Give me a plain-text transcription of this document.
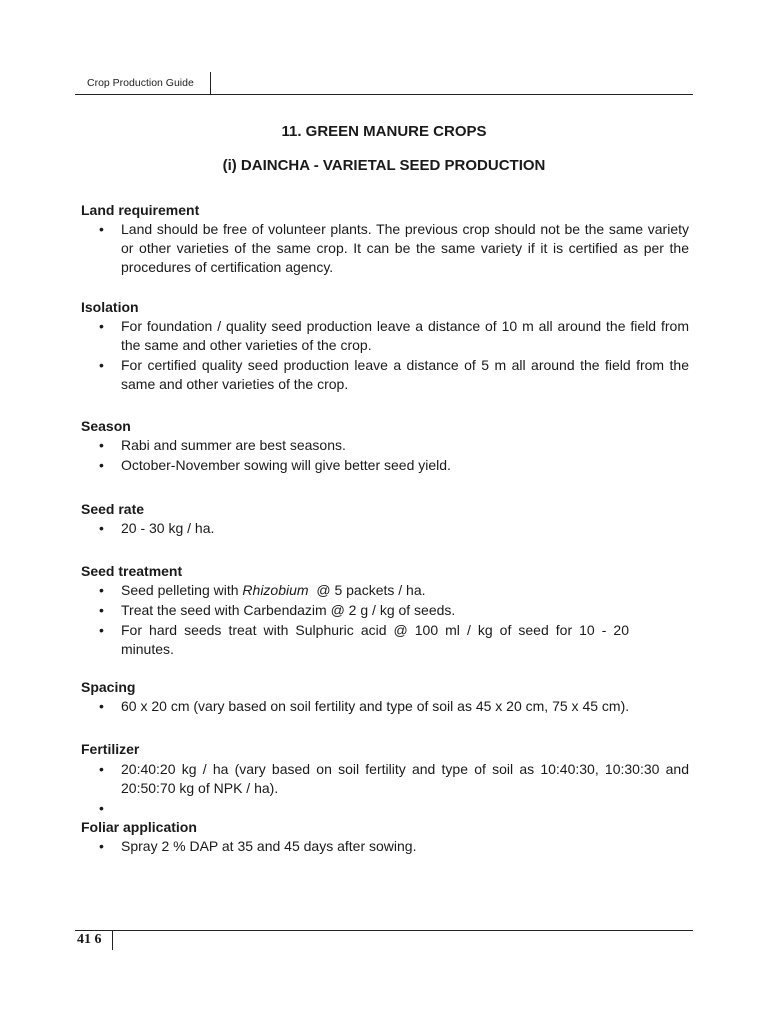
Crop Production Guide
11. GREEN MANURE CROPS
(i) DAINCHA - VARIETAL SEED PRODUCTION

Land requirement

• Land should be free of volunteer plants. The previous crop should not be the same variety or other varieties of the same crop. It can be the same variety if it is certified as per the procedures of certification agency.

Isolation

• For foundation / quality seed production leave a distance of 10 m all around the field from the same and other varieties of the crop.
• For certified quality seed production leave a distance of 5 m all around the field from the same and other varieties of the crop.

Season

• Rabi and summer are best seasons.
• October-November sowing will give better seed yield.

Seed rate

• 20 - 30 kg / ha.

Seed treatment

• Seed pelleting with Rhizobium  @ 5 packets / ha.
• Treat the seed with Carbendazim @ 2 g / kg of seeds.
• For hard seeds treat with Sulphuric acid @ 100 ml / kg of seed for 10 - 20 minutes.

Spacing

• 60 x 20 cm (vary based on soil fertility and type of soil as 45 x 20 cm, 75 x 45 cm).

Fertilizer

• 20:40:20 kg / ha (vary based on soil fertility and type of soil as 10:40:30, 10:30:30 and 20:50:70 kg of NPK / ha).
•

Foliar application

• Spray 2 % DAP at 35 and 45 days after sowing.
41 6
